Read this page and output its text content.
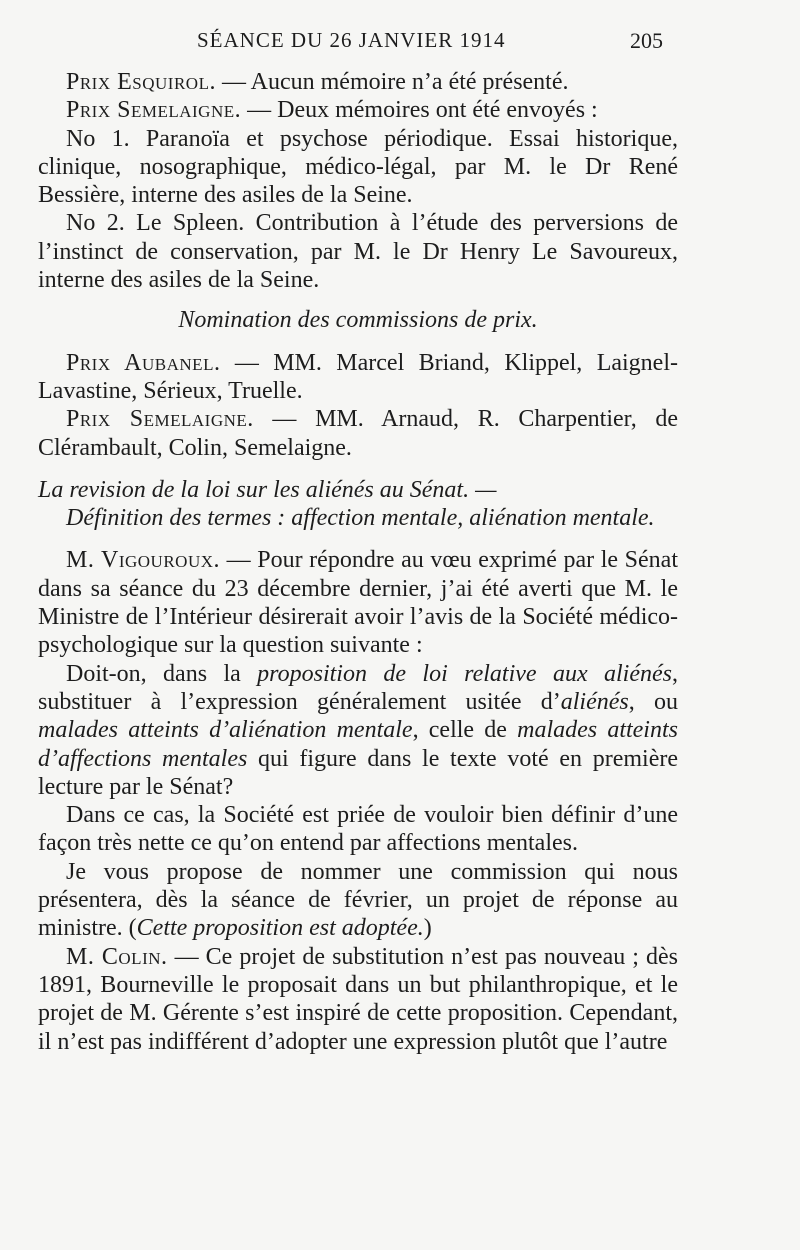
SÉANCE DU 26 JANVIER 1914	205

Prix Esquirol. — Aucun mémoire n’a été présenté.

Prix Semelaigne. — Deux mémoires ont été envoyés :

No 1. Paranoïa et psychose périodique. Essai historique, clinique, nosographique, médico-légal, par M. le Dr René Bessière, interne des asiles de la Seine.

No 2. Le Spleen. Contribution à l’étude des perversions de l’instinct de conservation, par M. le Dr Henry Le Savoureux, interne des asiles de la Seine.

Nomination des commissions de prix.

Prix Aubanel. — MM. Marcel Briand, Klippel, Laignel-Lavastine, Sérieux, Truelle.

Prix Semelaigne. — MM. Arnaud, R. Charpentier, de Clérambault, Colin, Semelaigne.

La revision de la loi sur les aliénés au Sénat. —
Définition des termes : affection mentale, aliénation mentale.

M. Vigouroux. — Pour répondre au vœu exprimé par le Sénat dans sa séance du 23 décembre dernier, j’ai été averti que M. le Ministre de l’Intérieur désirerait avoir l’avis de la Société médico-psychologique sur la question suivante :

Doit-on, dans la proposition de loi relative aux aliénés, substituer à l’expression généralement usitée d’aliénés, ou malades atteints d’aliénation mentale, celle de malades atteints d’affections mentales qui figure dans le texte voté en première lecture par le Sénat?

Dans ce cas, la Société est priée de vouloir bien définir d’une façon très nette ce qu’on entend par affections mentales.

Je vous propose de nommer une commission qui nous présentera, dès la séance de février, un projet de réponse au ministre. (Cette proposition est adoptée.)

M. Colin. — Ce projet de substitution n’est pas nouveau ; dès 1891, Bourneville le proposait dans un but philanthropique, et le projet de M. Gérente s’est inspiré de cette proposition. Cependant, il n’est pas indifférent d’adopter une expression plutôt que l’autre
